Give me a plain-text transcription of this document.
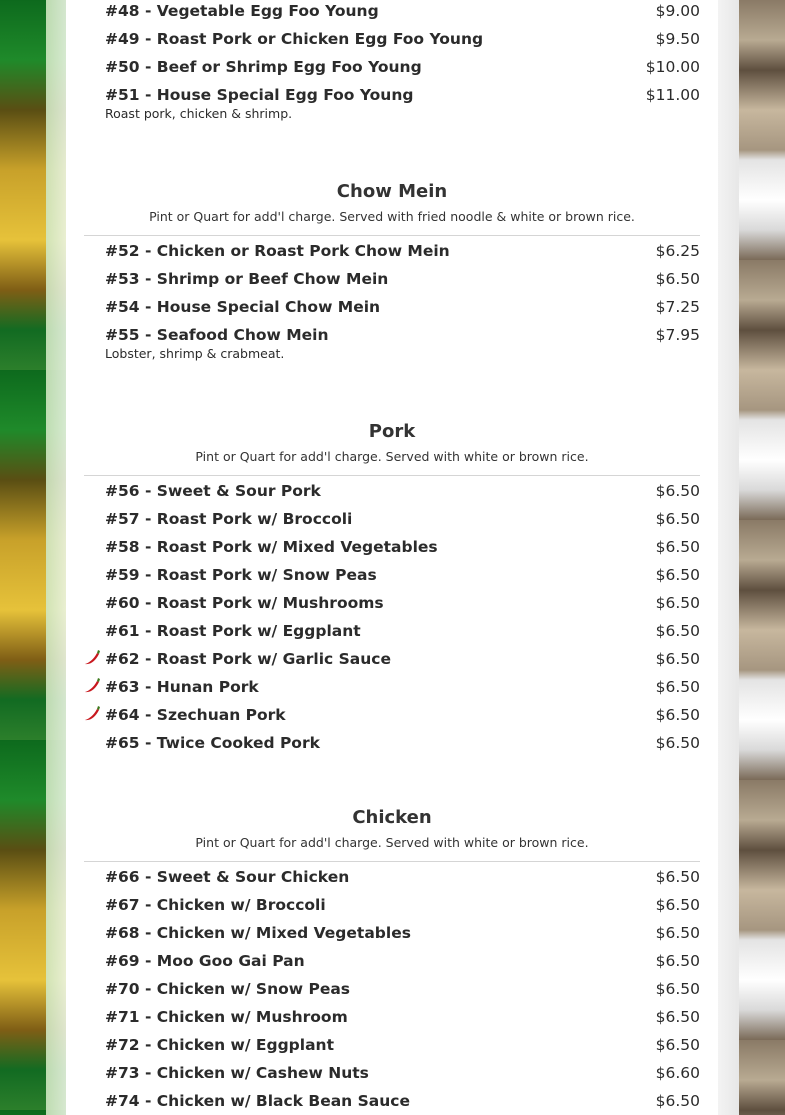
#48 - Vegetable Egg Foo Young	$9.00
#49 - Roast Pork or Chicken Egg Foo Young	$9.50
#50 - Beef or Shrimp Egg Foo Young	$10.00
#51 - House Special Egg Foo Young	$11.00
Roast pork, chicken & shrimp.
Chow Mein
Pint or Quart for add'l charge. Served with fried noodle & white or brown rice.
#52 - Chicken or Roast Pork Chow Mein	$6.25
#53 - Shrimp or Beef Chow Mein	$6.50
#54 - House Special Chow Mein	$7.25
#55 - Seafood Chow Mein	$7.95
Lobster, shrimp & crabmeat.
Pork
Pint or Quart for add'l charge. Served with white or brown rice.
#56 - Sweet & Sour Pork	$6.50
#57 - Roast Pork w/ Broccoli	$6.50
#58 - Roast Pork w/ Mixed Vegetables	$6.50
#59 - Roast Pork w/ Snow Peas	$6.50
#60 - Roast Pork w/ Mushrooms	$6.50
#61 - Roast Pork w/ Eggplant	$6.50
#62 - Roast Pork w/ Garlic Sauce	$6.50
#63 - Hunan Pork	$6.50
#64 - Szechuan Pork	$6.50
#65 - Twice Cooked Pork	$6.50
Chicken
Pint or Quart for add'l charge. Served with white or brown rice.
#66 - Sweet & Sour Chicken	$6.50
#67 - Chicken w/ Broccoli	$6.50
#68 - Chicken w/ Mixed Vegetables	$6.50
#69 - Moo Goo Gai Pan	$6.50
#70 - Chicken w/ Snow Peas	$6.50
#71 - Chicken w/ Mushroom	$6.50
#72 - Chicken w/ Eggplant	$6.50
#73 - Chicken w/ Cashew Nuts	$6.60
#74 - Chicken w/ Black Bean Sauce	$6.50
